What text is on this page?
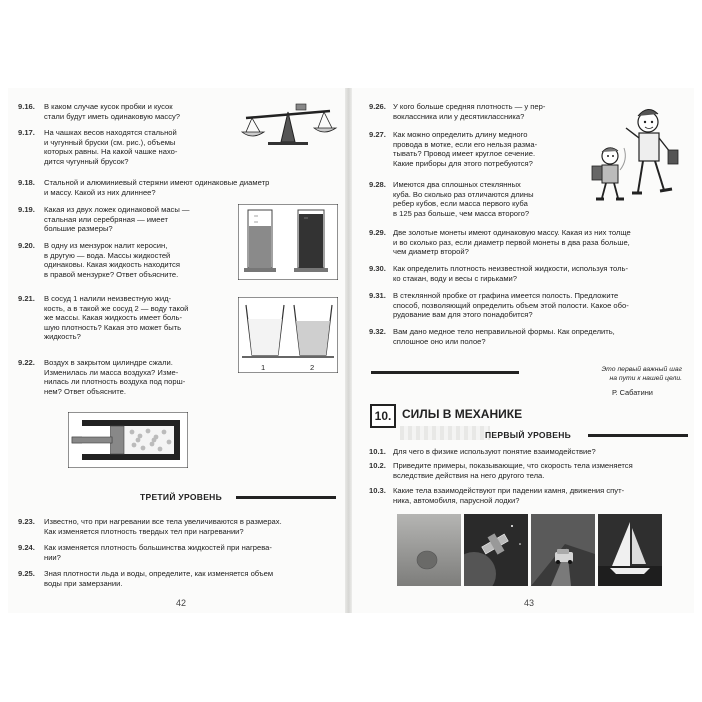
9.16. В каком случае кусок пробки и кусок
стали будут иметь одинаковую массу?
9.17. На чашках весов находятся стальной
и чугунный бруски (см. рис.), объемы
которых равны. На какой чашке нахо-
дится чугунный брусок?
9.18. Стальной и алюминиевый стержни имеют одинаковые диаметр
и массу. Какой из них длиннее?
9.19. Какая из двух ложек одинаковой масы —
стальная или серебряная — имеет
большие размеры?
9.20. В одну из мензурок налит керосин,
в другую — вода. Массы жидкостей
одинаковы. Какая жидкость находится
в правой мензурке? Ответ объясните.
9.21. В сосуд 1 налили неизвестную жид-
кость, а в такой же сосуд 2 — воду такой
же массы. Какая жидкость имеет боль-
шую плотность? Какая это может быть
жидкость?
9.22. Воздух в закрытом цилиндре сжали.
Изменилась ли масса воздуха? Изме-
нилась ли плотность воздуха под порш-
нем? Ответ объясните.
1	2
ТРЕТИЙ УРОВЕНЬ
9.23. Известно, что при нагревании все тела увеличиваются в размерах.
Как изменяется плотность твердых тел при нагревании?
9.24. Как изменяется плотность большинства жидкостей при нагрева-
нии?
9.25. Зная плотности льда и воды, определите, как изменяется объем
воды при замерзании.
42
9.26. У кого больше средняя плотность — у пер-
воклассника или у десятиклассника?
9.27. Как можно определить длину медного
провода в мотке, если его нельзя разма-
тывать? Провод имеет круглое сечение.
Какие приборы для этого потребуются?
9.28. Имеются два сплошных стеклянных
куба. Во сколько раз отличаются длины
ребер кубов, если масса первого куба
в 125 раз больше, чем масса второго?
9.29. Две золотые монеты имеют одинаковую массу. Какая из них толще
и во сколько раз, если диаметр первой монеты в два раза больше,
чем диаметр второй?
9.30. Как определить плотность неизвестной жидкости, используя толь-
ко стакан, воду и весы с гирьками?
9.31. В стеклянной пробке от графина имеется полость. Предложите
способ, позволяющий определить объем этой полости. Какое обо-
рудование вам для этого понадобится?
9.32. Вам дано медное тело неправильной формы. Как определить,
сплошное оно или полое?
Это первый важный шаг
на пути к нашей цели.
Р. Сабатини
10. СИЛЫ В МЕХАНИКЕ
ПЕРВЫЙ УРОВЕНЬ
10.1. Для чего в физике используют понятие взаимодействие?
10.2. Приведите примеры, показывающие, что скорость тела изменяется
вследствие действия на него другого тела.
10.3. Какие тела взаимодействуют при падении камня, движения спут-
ника, автомобиля, парусной лодки?
43
